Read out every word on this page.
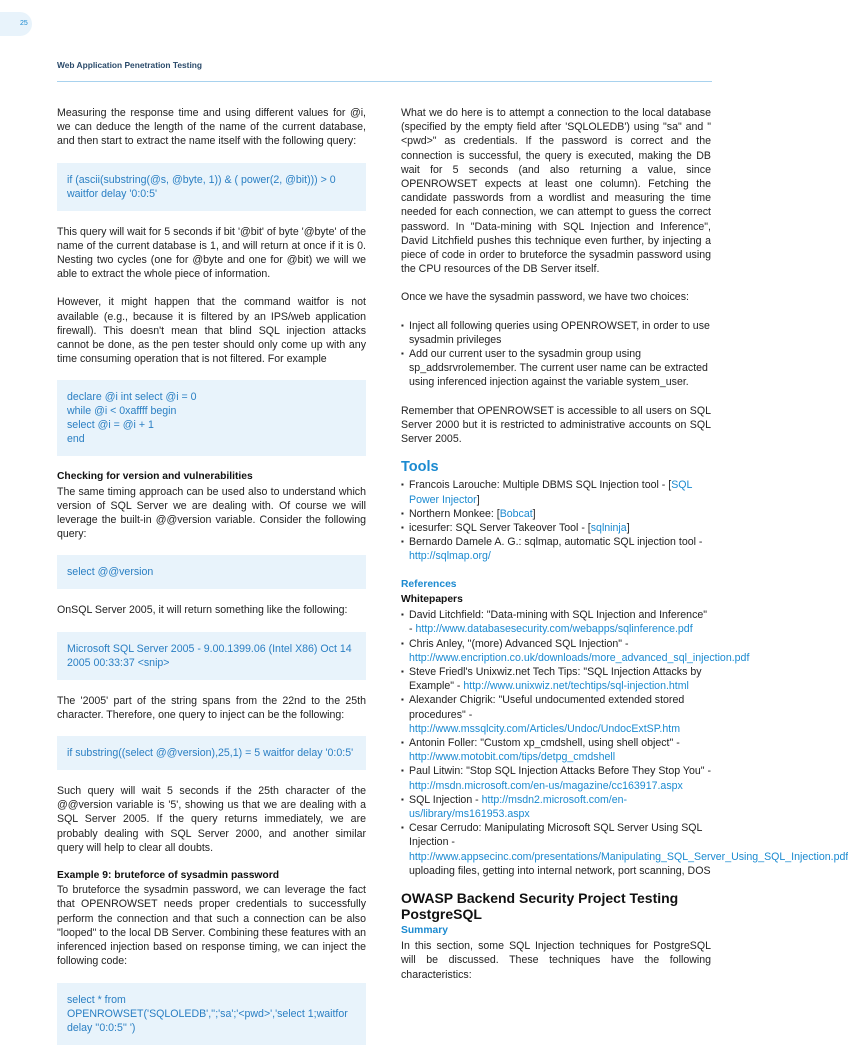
25
Web Application Penetration Testing

Measuring the response time and using different values for @i, we can deduce the length of the name of the current database, and then start to extract the name itself with the following query:

if (ascii(substring(@s, @byte, 1)) & ( power(2, @bit))) > 0
waitfor delay '0:0:5'

This query will wait for 5 seconds if bit '@bit' of byte '@byte' of the name of the current database is 1, and will return at once if it is 0. Nesting two cycles (one for @byte and one for @bit) we will we able to extract the whole piece of information.

However, it might happen that the command waitfor is not available (e.g., because it is filtered by an IPS/web application firewall). This doesn't mean that blind SQL injection attacks cannot be done, as the pen tester should only come up with any time consuming operation that is not filtered. For example

declare @i int select @i = 0
while @i < 0xaffff begin
select @i = @i + 1
end
Checking for version and vulnerabilities

The same timing approach can be used also to understand which version of SQL Server we are dealing with. Of course we will leverage the built-in @@version variable. Consider the following query:

select @@version

OnSQL Server 2005, it will return something like the following:

Microsoft SQL Server 2005 - 9.00.1399.06 (Intel X86) Oct 14 2005 00:33:37 <snip>

The '2005' part of the string spans from the 22nd to the 25th character. Therefore, one query to inject can be the following:

if substring((select @@version),25,1) = 5 waitfor delay '0:0:5'

Such query will wait 5 seconds if the 25th character of the @@version variable is '5', showing us that we are dealing with a SQL Server 2005. If the query returns immediately, we are probably dealing with SQL Server 2000, and another similar query will help to clear all doubts.

Example 9: bruteforce of sysadmin password

To bruteforce the sysadmin password, we can leverage the fact that OPENROWSET needs proper credentials to successfully perform the connection and that such a connection can be also "looped" to the local DB Server. Combining these features with an inferenced injection based on response timing, we can inject the following code:

select * from OPENROWSET('SQLOLEDB','';'sa';'<pwd>','select 1;waitfor delay ''0:0:5'' ')

What we do here is to attempt a connection to the local database (specified by the empty field after 'SQLOLEDB') using "sa" and "<pwd>" as credentials. If the password is correct and the connection is successful, the query is executed, making the DB wait for 5 seconds (and also returning a value, since OPENROWSET expects at least one column). Fetching the candidate passwords from a wordlist and measuring the time needed for each connection, we can attempt to guess the correct password. In "Data-mining with SQL Injection and Inference", David Litchfield pushes this technique even further, by injecting a piece of code in order to bruteforce the sysadmin password using the CPU resources of the DB Server itself.

Once we have the sysadmin password, we have two choices:

▪ Inject all following queries using OPENROWSET, in order to use sysadmin privileges
▪ Add our current user to the sysadmin group using sp_addsrvrolemember. The current user name can be extracted using inferenced injection against the variable system_user.

Remember that OPENROWSET is accessible to all users on SQL Server 2000 but it is restricted to administrative accounts on SQL Server 2005.

Tools
▪ Francois Larouche: Multiple DBMS SQL Injection tool - [SQL Power Injector]
▪ Northern Monkee: [Bobcat]
▪ icesurfer: SQL Server Takeover Tool - [sqlninja]
▪ Bernardo Damele A. G.: sqlmap, automatic SQL injection tool - http://sqlmap.org/
References
Whitepapers
▪ David Litchfield: "Data-mining with SQL Injection and Inference" - http://www.databasesecurity.com/webapps/sqlinference.pdf
▪ Chris Anley, "(more) Advanced SQL Injection" - http://www.encription.co.uk/downloads/more_advanced_sql_injection.pdf
▪ Steve Friedl's Unixwiz.net Tech Tips: "SQL Injection Attacks by Example" - http://www.unixwiz.net/techtips/sql-injection.html
▪ Alexander Chigrik: "Useful undocumented extended stored procedures" - http://www.mssqlcity.com/Articles/Undoc/UndocExtSP.htm
▪ Antonin Foller: "Custom xp_cmdshell, using shell object" - http://www.motobit.com/tips/detpg_cmdshell
▪ Paul Litwin: "Stop SQL Injection Attacks Before They Stop You" - http://msdn.microsoft.com/en-us/magazine/cc163917.aspx
▪ SQL Injection - http://msdn2.microsoft.com/en-us/library/ms161953.aspx
▪ Cesar Cerrudo: Manipulating Microsoft SQL Server Using SQL Injection - http://www.appsecinc.com/presentations/Manipulating_SQL_Server_Using_SQL_Injection.pdf uploading files, getting into internal network, port scanning, DOS
OWASP Backend Security Project Testing PostgreSQL
Summary

In this section, some SQL Injection techniques for PostgreSQL will be discussed. These techniques have the following characteristics:
